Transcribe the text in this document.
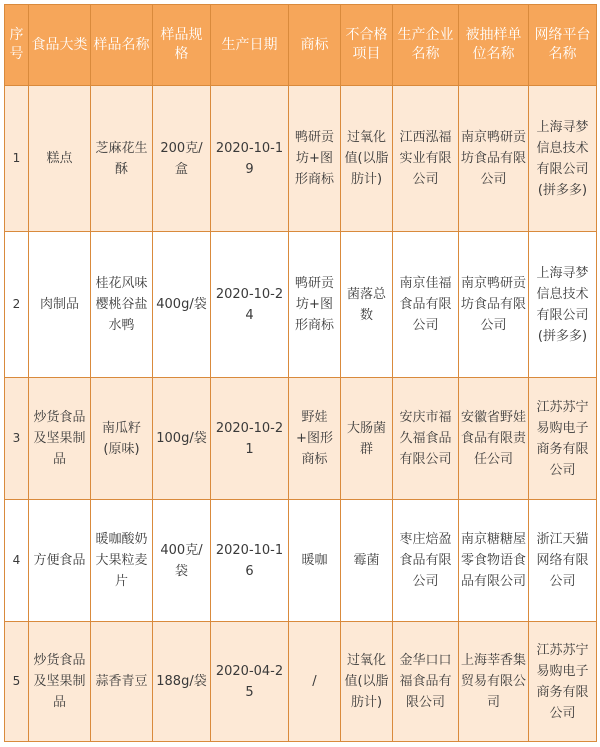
序号	食品大类	样品名称	样品规格	生产日期	商标	不合格项目	生产企业名称	被抽样单位名称	网络平台名称
1	糕点	芝麻花生酥	200克/盒	2020-10-19	鸭研贡坊+图形商标	过氧化值(以脂肪计)	江西泓福实业有限公司	南京鸭研贡坊食品有限公司	上海寻梦信息技术有限公司(拼多多)
2	肉制品	桂花风味樱桃谷盐水鸭	400g/袋	2020-10-24	鸭研贡坊+图形商标	菌落总数	南京佳福食品有限公司	南京鸭研贡坊食品有限公司	上海寻梦信息技术有限公司(拼多多)
3	炒货食品及坚果制品	南瓜籽(原味)	100g/袋	2020-10-21	野娃+图形商标	大肠菌群	安庆市福久福食品有限公司	安徽省野娃食品有限责任公司	江苏苏宁易购电子商务有限公司
4	方便食品	暖咖酸奶大果粒麦片	400克/袋	2020-10-16	暖咖	霉菌	枣庄焙盈食品有限公司	南京糖糖屋零食物语食品有限公司	浙江天猫网络有限公司
5	炒货食品及坚果制品	蒜香青豆	188g/袋	2020-04-25	/	过氧化值(以脂肪计)	金华口口福食品有限公司	上海莘香集贸易有限公司	江苏苏宁易购电子商务有限公司
